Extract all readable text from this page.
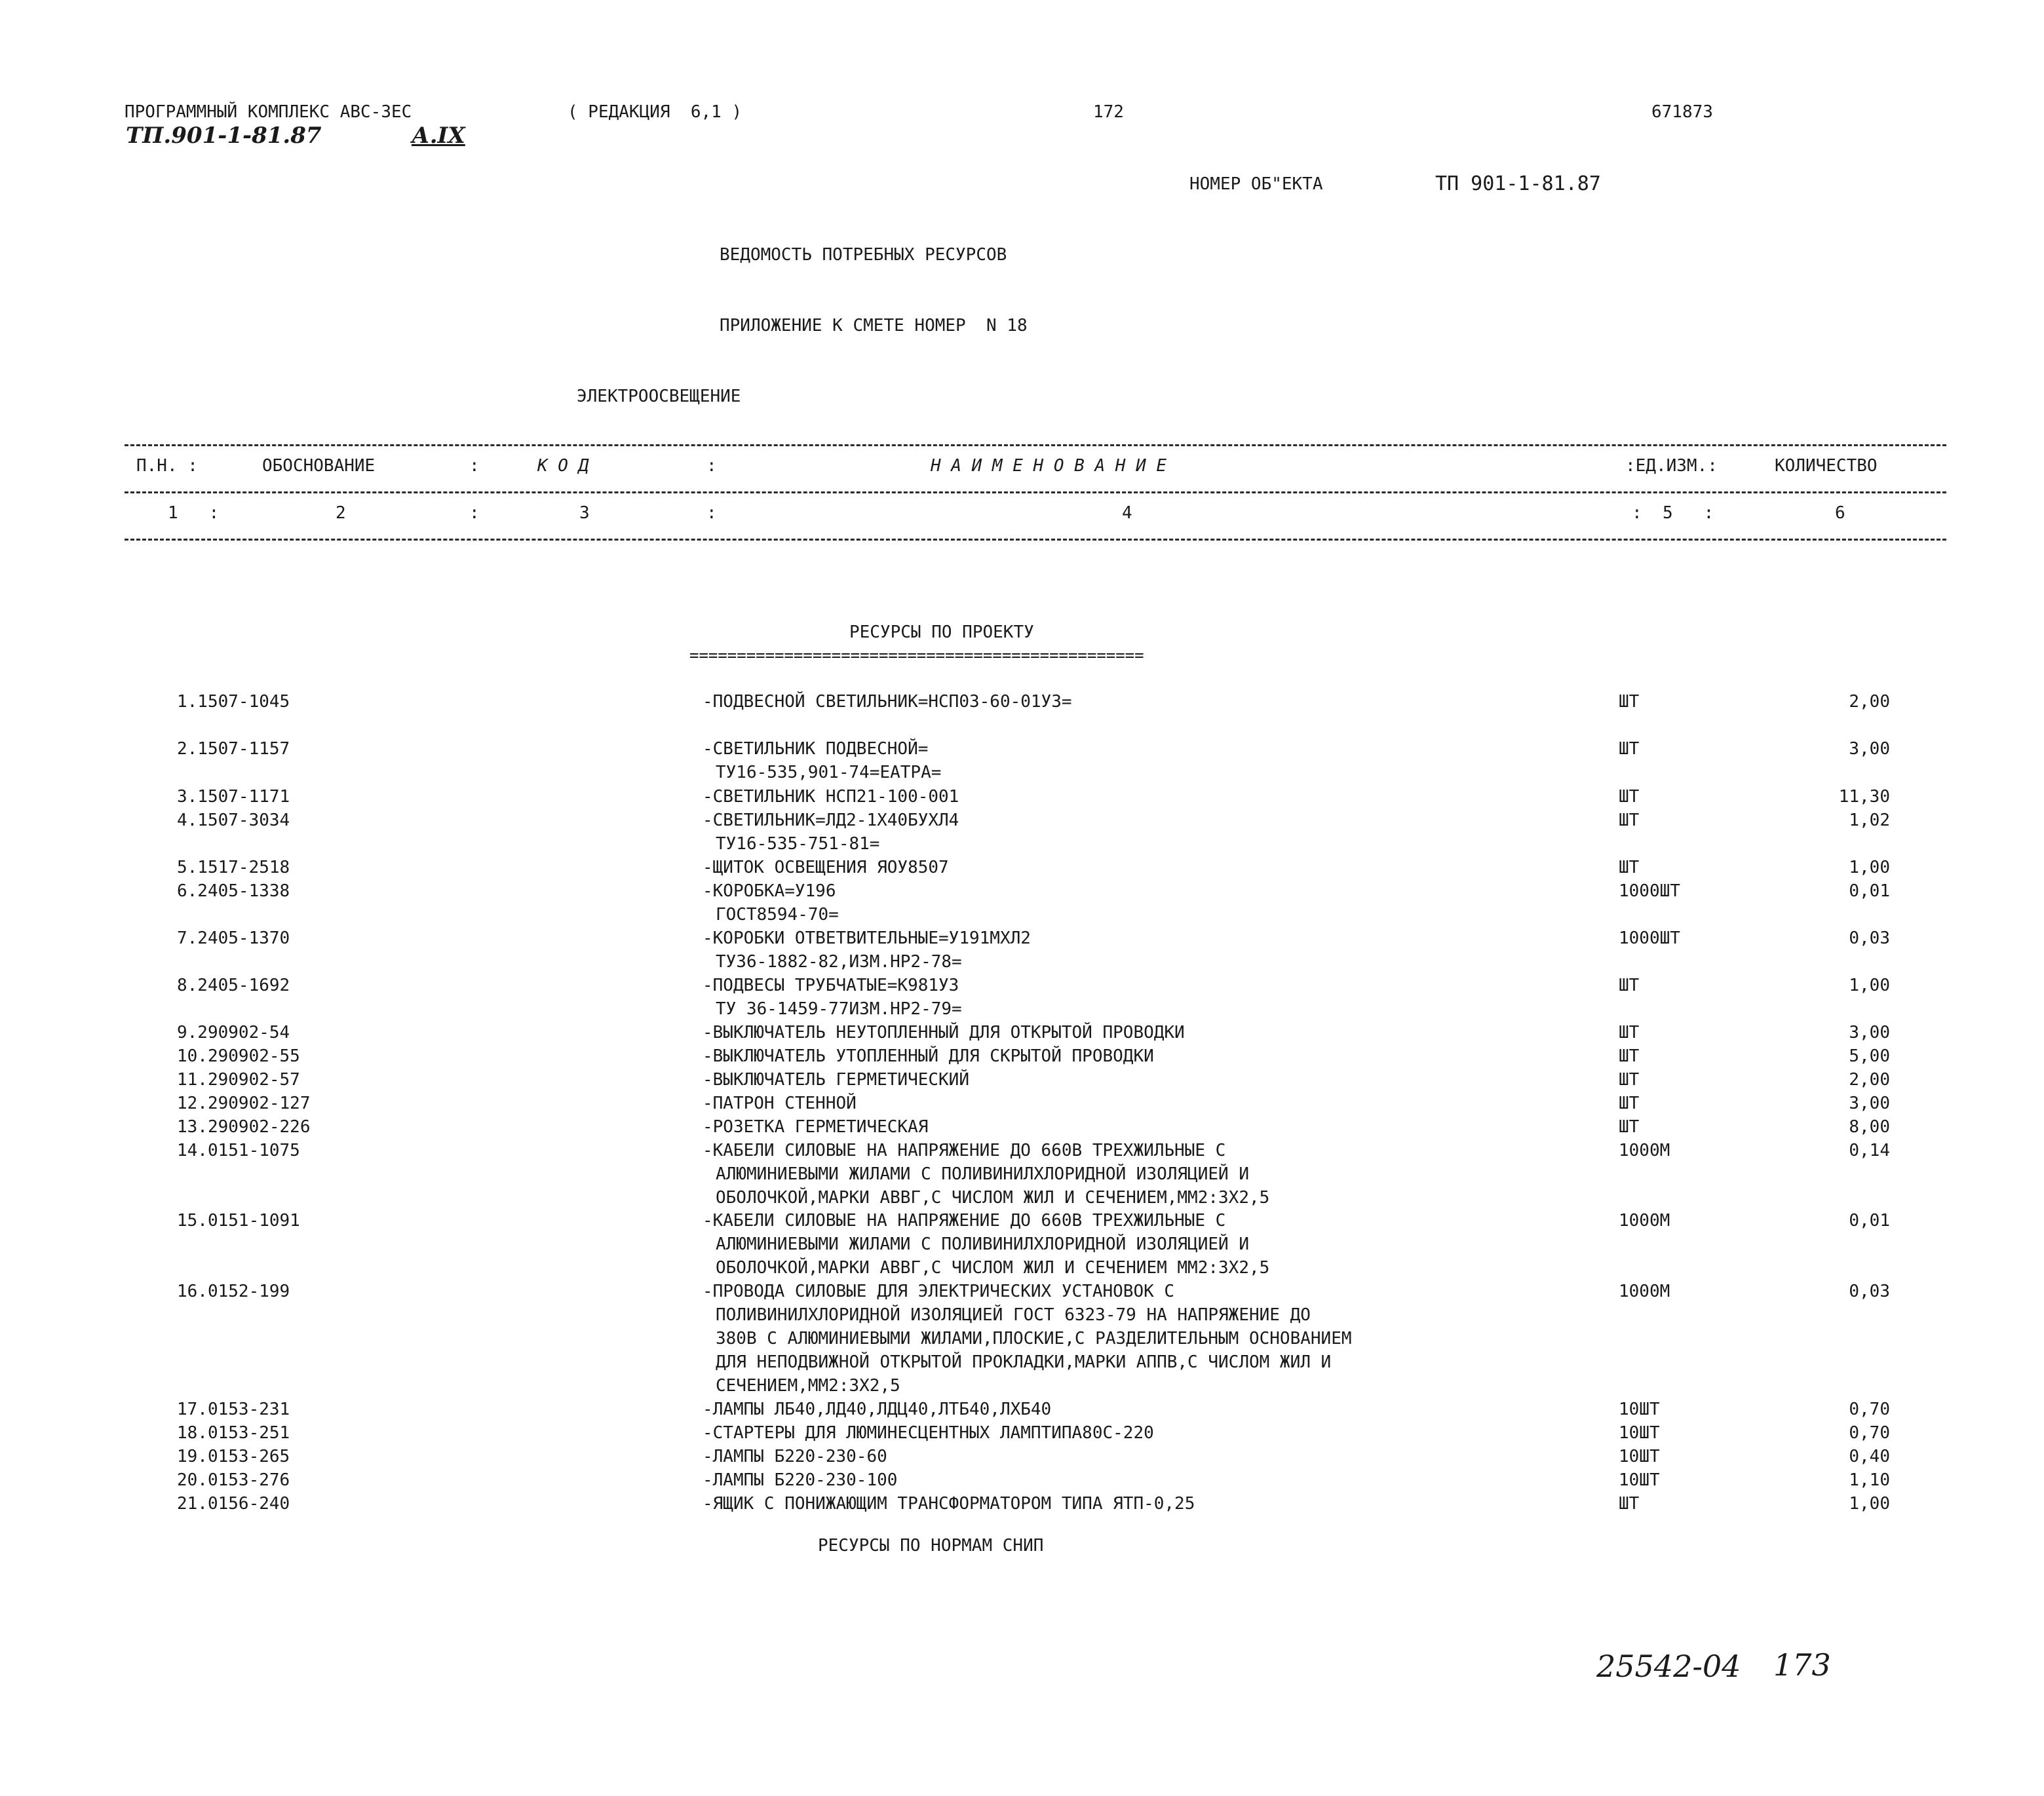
ПРОГРАММНЫЙ КОМПЛЕКС АВС-3ЕС	( РЕДАКЦИЯ  6,1 )	172	671873
ТП.901-1-81.87	А.IX
НОМЕР ОБ"ЕКТА	ТП 901-1-81.87
ВЕДОМОСТЬ ПОТРЕБНЫХ РЕСУРСОВ
ПРИЛОЖЕНИЕ К СМЕТЕ НОМЕР  N 18
ЭЛЕКТРООСВЕЩЕНИЕ
П.Н. :	ОБОСНОВАНИЕ	:	К О Д	:	Н А И М Е Н О В А Н И Е	:ЕД.ИЗМ.:	КОЛИЧЕСТВО
1   :	2	:	3	:	4	:  5   :	6
РЕСУРСЫ ПО ПРОЕКТУ
================================================
1.1507-1045	-ПОДВЕСНОЙ СВЕТИЛЬНИК=НСП03-60-01У3=	ШТ	2,00
2.1507-1157	-СВЕТИЛЬНИК ПОДВЕСНОЙ=	ШТ	3,00
ТУ16-535,901-74=ЕАТРА=
3.1507-1171	-СВЕТИЛЬНИК НСП21-100-001	ШТ	11,30
4.1507-3034	-СВЕТИЛЬНИК=ЛД2-1Х40БУХЛ4	ШТ	1,02
ТУ16-535-751-81=
5.1517-2518	-ЩИТОК ОСВЕЩЕНИЯ ЯОУ8507	ШТ	1,00
6.2405-1338	-КОРОБКА=У196	1000ШТ	0,01
ГОСТ8594-70=
7.2405-1370	-КОРОБКИ ОТВЕТВИТЕЛЬНЫЕ=У191МХЛ2	1000ШТ	0,03
ТУ36-1882-82,ИЗМ.НР2-78=
8.2405-1692	-ПОДВЕСЫ ТРУБЧАТЫЕ=К981У3	ШТ	1,00
ТУ 36-1459-77ИЗМ.НР2-79=
9.290902-54	-ВЫКЛЮЧАТЕЛЬ НЕУТОПЛЕННЫЙ ДЛЯ ОТКРЫТОЙ ПРОВОДКИ	ШТ	3,00
10.290902-55	-ВЫКЛЮЧАТЕЛЬ УТОПЛЕННЫЙ ДЛЯ СКРЫТОЙ ПРОВОДКИ	ШТ	5,00
11.290902-57	-ВЫКЛЮЧАТЕЛЬ ГЕРМЕТИЧЕСКИЙ	ШТ	2,00
12.290902-127	-ПАТРОН СТЕННОЙ	ШТ	3,00
13.290902-226	-РОЗЕТКА ГЕРМЕТИЧЕСКАЯ	ШТ	8,00
14.0151-1075	-КАБЕЛИ СИЛОВЫЕ НА НАПРЯЖЕНИЕ ДО 660В ТРЕХЖИЛЬНЫЕ С	1000М	0,14
АЛЮМИНИЕВЫМИ ЖИЛАМИ С ПОЛИВИНИЛХЛОРИДНОЙ ИЗОЛЯЦИЕЙ И
ОБОЛОЧКОЙ,МАРКИ АВВГ,С ЧИСЛОМ ЖИЛ И СЕЧЕНИЕМ,ММ2:3Х2,5
15.0151-1091	-КАБЕЛИ СИЛОВЫЕ НА НАПРЯЖЕНИЕ ДО 660В ТРЕХЖИЛЬНЫЕ С	1000М	0,01
АЛЮМИНИЕВЫМИ ЖИЛАМИ С ПОЛИВИНИЛХЛОРИДНОЙ ИЗОЛЯЦИЕЙ И
ОБОЛОЧКОЙ,МАРКИ АВВГ,С ЧИСЛОМ ЖИЛ И СЕЧЕНИЕМ ММ2:3Х2,5
16.0152-199	-ПРОВОДА СИЛОВЫЕ ДЛЯ ЭЛЕКТРИЧЕСКИХ УСТАНОВОК С	1000М	0,03
ПОЛИВИНИЛХЛОРИДНОЙ ИЗОЛЯЦИЕЙ ГОСТ 6323-79 НА НАПРЯЖЕНИЕ ДО
380В С АЛЮМИНИЕВЫМИ ЖИЛАМИ,ПЛОСКИЕ,С РАЗДЕЛИТЕЛЬНЫМ ОСНОВАНИЕМ
ДЛЯ НЕПОДВИЖНОЙ ОТКРЫТОЙ ПРОКЛАДКИ,МАРКИ АППВ,С ЧИСЛОМ ЖИЛ И
СЕЧЕНИЕМ,ММ2:3Х2,5
17.0153-231	-ЛАМПЫ ЛБ40,ЛД40,ЛДЦ40,ЛТБ40,ЛХБ40	10ШТ	0,70
18.0153-251	-СТАРТЕРЫ ДЛЯ ЛЮМИНЕСЦЕНТНЫХ ЛАМПТИПА80С-220	10ШТ	0,70
19.0153-265	-ЛАМПЫ Б220-230-60	10ШТ	0,40
20.0153-276	-ЛАМПЫ Б220-230-100	10ШТ	1,10
21.0156-240	-ЯЩИК С ПОНИЖАЮЩИМ ТРАНСФОРМАТОРОМ ТИПА ЯТП-0,25	ШТ	1,00
РЕСУРСЫ ПО НОРМАМ СНИП
25542-04 173
